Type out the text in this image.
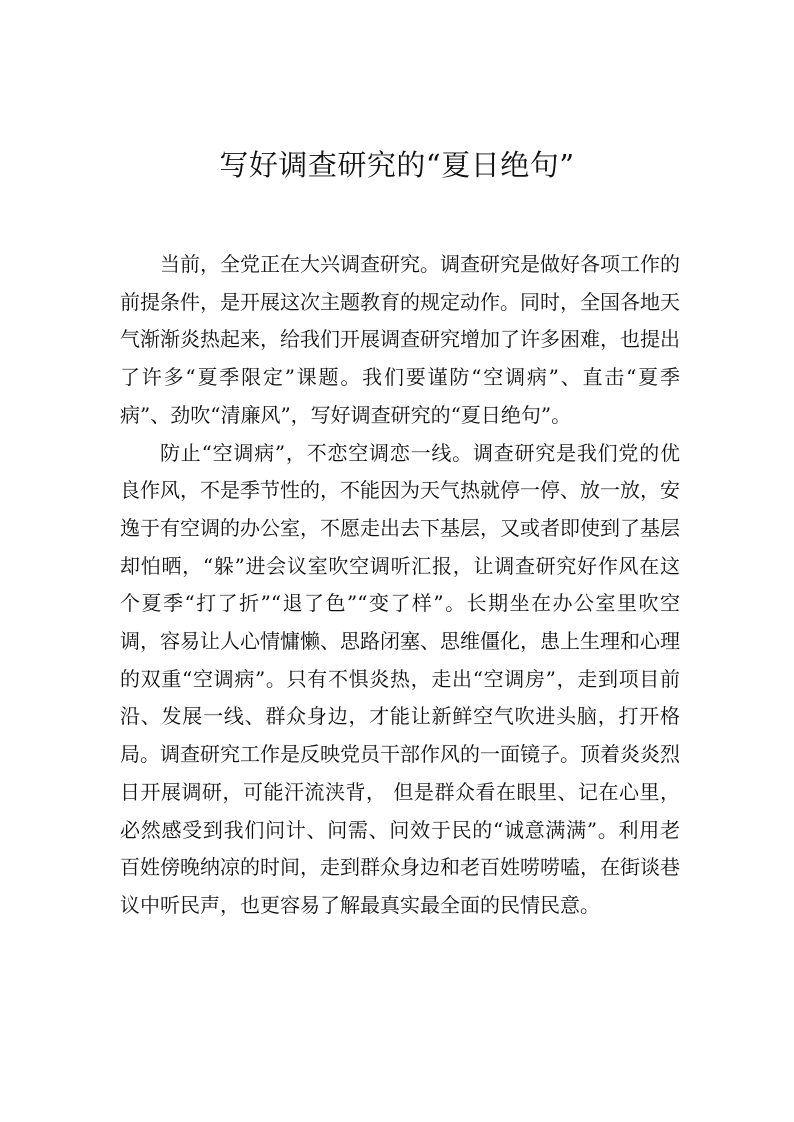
写好调查研究的“夏日绝句”

当前，全党正在大兴调查研究。调查研究是做好各项工作的前提条件，是开展这次主题教育的规定动作。同时，全国各地天气渐渐炎热起来，给我们开展调查研究增加了许多困难，也提出了许多“夏季限定”课题。我们要谨防“空调病”、直击“夏季病”、劲吹“清廉风”，写好调查研究的“夏日绝句”。

防止“空调病”，不恋空调恋一线。调查研究是我们党的优良作风，不是季节性的，不能因为天气热就停一停、放一放，安逸于有空调的办公室，不愿走出去下基层，又或者即使到了基层却怕晒，“躲”进会议室吹空调听汇报，让调查研究好作风在这个夏季“打了折”“退了色”“变了样”。长期坐在办公室里吹空调，容易让人心情慵懒、思路闭塞、思维僵化，患上生理和心理的双重“空调病”。只有不惧炎热，走出“空调房”，走到项目前沿、发展一线、群众身边，才能让新鲜空气吹进头脑，打开格局。调查研究工作是反映党员干部作风的一面镜子。顶着炎炎烈日开展调研，可能汗流浃背， 但是群众看在眼里、记在心里，必然感受到我们问计、问需、问效于民的“诚意满满”。利用老百姓傍晚纳凉的时间，走到群众身边和老百姓唠唠嗑，在街谈巷议中听民声，也更容易了解最真实最全面的民情民意。
